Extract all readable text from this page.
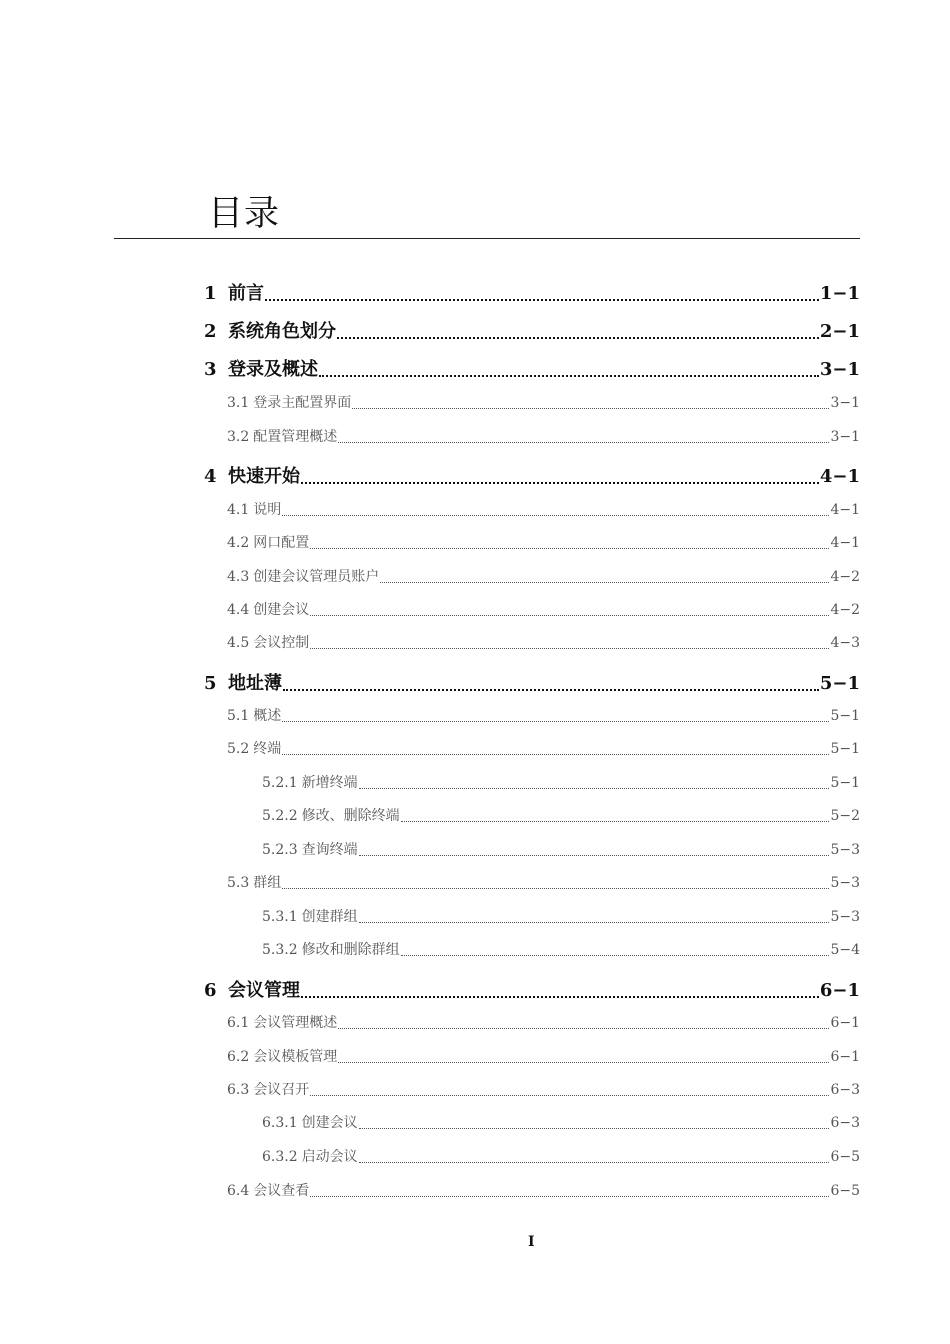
目录
1 前言	1−1
2 系统角色划分	2−1
3 登录及概述	3−1
3.1 登录主配置界面	3−1
3.2 配置管理概述	3−1
4 快速开始	4−1
4.1 说明	4−1
4.2 网口配置	4−1
4.3 创建会议管理员账户	4−2
4.4 创建会议	4−2
4.5 会议控制	4−3
5 地址薄	5−1
5.1 概述	5−1
5.2 终端	5−1
5.2.1 新增终端	5−1
5.2.2 修改、删除终端	5−2
5.2.3 查询终端	5−3
5.3 群组	5−3
5.3.1 创建群组	5−3
5.3.2 修改和删除群组	5−4
6 会议管理	6−1
6.1 会议管理概述	6−1
6.2 会议模板管理	6−1
6.3 会议召开	6−3
6.3.1 创建会议	6−3
6.3.2 启动会议	6−5
6.4 会议查看	6−5
I
